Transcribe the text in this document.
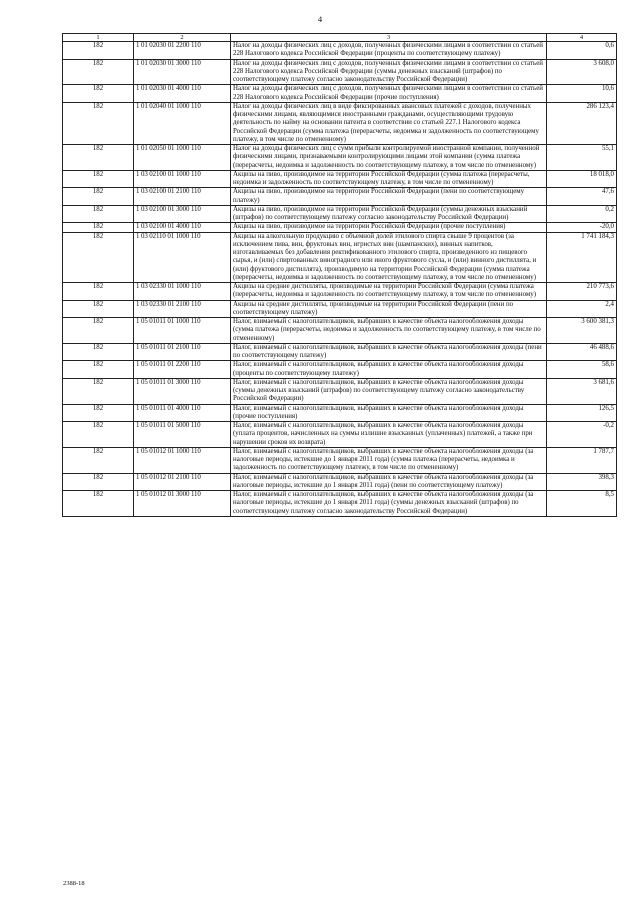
4
1	2	3	4
182	1 01 02030 01 2200 110	Налог на доходы физических лиц с доходов, полученных физическими лицами в соответствии со статьей 228 Налогового кодекса Российской Федерации (проценты по соответствующему платежу)	0,6
182	1 01 02030 01 3000 110	Налог на доходы физических лиц с доходов, полученных физическими лицами в соответствии со статьей 228 Налогового кодекса Российской Федерации (суммы денежных взысканий (штрафов) по соответствующему платежу согласно законодательству Российской Федерации)	3 608,0
182	1 01 02030 01 4000 110	Налог на доходы физических лиц с доходов, полученных физическими лицами в соответствии со статьей 228 Налогового кодекса Российской Федерации (прочие поступления)	10,6
182	1 01 02040 01 1000 110	Налог на доходы физических лиц в виде фиксированных авансовых платежей с доходов, полученных физическими лицами, являющимися иностранными гражданами, осуществляющими трудовую деятельность по найму на основании патента в соответствии со статьей 227.1 Налогового кодекса Российской Федерации (сумма платежа (перерасчеты, недоимка и задолженность по соответствующему платежу, в том числе по отмененному)	286 123,4
182	1 01 02050 01 1000 110	Налог на доходы физических лиц с сумм прибыли контролируемой иностранной компании, полученной физическими лицами, признаваемыми контролирующими лицами этой компании (сумма платежа (перерасчеты, недоимка и задолженность по соответствующему платежу, в том числе по отмененному)	55,1
182	1 03 02100 01 1000 110	Акцизы на пиво, производимое на территории Российской Федерации (сумма платежа (перерасчеты, недоимка и задолженность по соответствующему платежу, в том числе по отмененному)	18 018,0
182	1 03 02100 01 2100 110	Акцизы на пиво, производимое на территории Российской Федерации (пени по соответствующему платежу)	47,6
182	1 03 02100 01 3000 110	Акцизы на пиво, производимое на территории Российской Федерации (суммы денежных взысканий (штрафов) по соответствующему платежу согласно законодательству Российской Федерации)	0,2
182	1 03 02100 01 4000 110	Акцизы на пиво, производимое на территории Российской Федерации (прочие поступления)	-20,0
182	1 03 02110 01 1000 110	Акцизы на алкогольную продукцию с объемной долей этилового спирта свыше 9 процентов (за исключением пива, вин, фруктовых вин, игристых вин (шампанских), винных напитков, изготавливаемых без добавления ректификованного этилового спирта, произведенного из пищевого сырья, и (или) спиртованных виноградного или иного фруктового сусла, и (или) винного дистиллята, и (или) фруктового дистиллята), производимую на территории Российской Федерации (сумма платежа (перерасчеты, недоимка и задолженность по соответствующему платежу, в том числе по отмененному)	1 741 184,3
182	1 03 02330 01 1000 110	Акцизы на средние дистилляты, производимые на территории Российской Федерации (сумма платежа (перерасчеты, недоимка и задолженность по соответствующему платежу, в том числе по отмененному)	210 773,6
182	1 03 02330 01 2100 110	Акцизы на средние дистилляты, производимые на территории Российской Федерации (пени по соответствующему платежу)	2,4
182	1 05 01011 01 1000 110	Налог, взимаемый с налогоплательщиков, выбравших в качестве объекта налогообложения доходы (сумма платежа (перерасчеты, недоимка и задолженность по соответствующему платежу, в том числе по отмененному)	3 600 381,3
182	1 05 01011 01 2100 110	Налог, взимаемый с налогоплательщиков, выбравших в качестве объекта налогообложения доходы (пени по соответствующему платежу)	46 488,6
182	1 05 01011 01 2200 110	Налог, взимаемый с налогоплательщиков, выбравших в качестве объекта налогообложения доходы (проценты по соответствующему платежу)	58,6
182	1 05 01011 01 3000 110	Налог, взимаемый с налогоплательщиков, выбравших в качестве объекта налогообложения доходы (суммы денежных взысканий (штрафов) по соответствующему платежу согласно законодательству Российской Федерации)	3 681,6
182	1 05 01011 01 4000 110	Налог, взимаемый с налогоплательщиков, выбравших в качестве объекта налогообложения доходы (прочие поступления)	126,5
182	1 05 01011 01 5000 110	Налог, взимаемый с налогоплательщиков, выбравших в качестве объекта налогообложения доходы (уплата процентов, начисленных на суммы излишне взысканных (уплаченных) платежей, а также при нарушении сроков их возврата)	-0,2
182	1 05 01012 01 1000 110	Налог, взимаемый с налогоплательщиков, выбравших в качестве объекта налогообложения доходы (за налоговые периоды, истекшие до 1 января 2011 года) (сумма платежа (перерасчеты, недоимка и задолженность по соответствующему платежу, в том числе по отмененному)	1 787,7
182	1 05 01012 01 2100 110	Налог, взимаемый с налогоплательщиков, выбравших в качестве объекта налогообложения доходы (за налоговые периоды, истекшие до 1 января 2011 года) (пени по соответствующему платежу)	398,3
182	1 05 01012 01 3000 110	Налог, взимаемый с налогоплательщиков, выбравших в качестве объекта налогообложения доходы (за налоговые периоды, истекшие до 1 января 2011 года) (суммы денежных взысканий (штрафов) по соответствующему платежу согласно законодательству Российской Федерации)	8,5
2388-18
